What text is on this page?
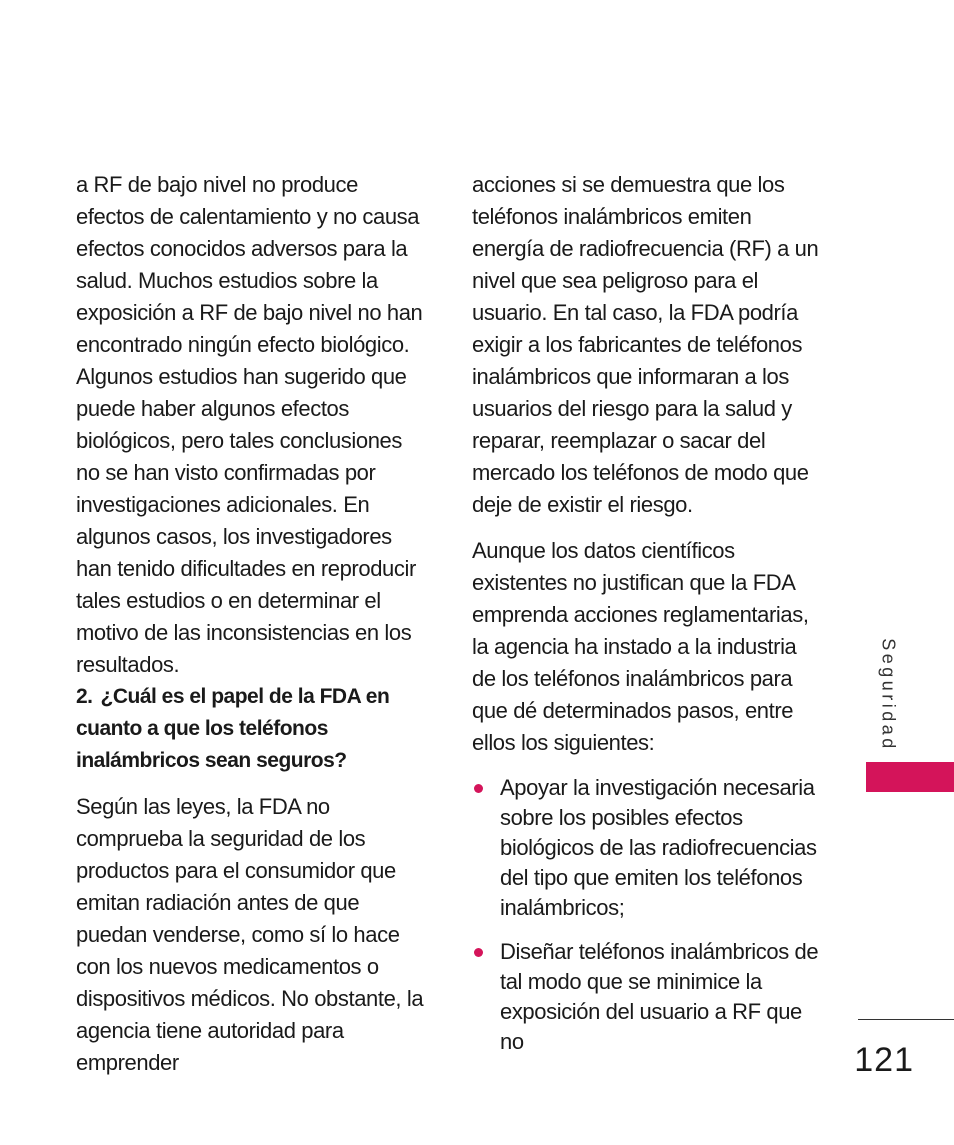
a RF de bajo nivel no produce efectos de calentamiento y no causa efectos conocidos adversos para la salud. Muchos estudios sobre la exposición a RF de bajo nivel no han encontrado ningún efecto biológico. Algunos estudios han sugerido que puede haber algunos efectos biológicos, pero tales conclusiones no se han visto confirmadas por investigaciones adicionales. En algunos casos, los investigadores han tenido dificultades en reproducir tales estudios o en determinar el motivo de las inconsistencias en los resultados.

2. ¿Cuál es el papel de la FDA en cuanto a que los teléfonos inalámbricos sean seguros?

Según las leyes, la FDA no comprueba la seguridad de los productos para el consumidor que emitan radiación antes de que puedan venderse, como sí lo hace con los nuevos medicamentos o dispositivos médicos. No obstante, la agencia tiene autoridad para emprender

acciones si se demuestra que los teléfonos inalámbricos emiten energía de radiofrecuencia (RF) a un nivel que sea peligroso para el usuario. En tal caso, la FDA podría exigir a los fabricantes de teléfonos inalámbricos que informaran a los usuarios del riesgo para la salud y reparar, reemplazar o sacar del mercado los teléfonos de modo que deje de existir el riesgo.

Aunque los datos científicos existentes no justifican que la FDA emprenda acciones reglamentarias, la agencia ha instado a la industria de los teléfonos inalámbricos para que dé determinados pasos, entre ellos los siguientes:

Apoyar la investigación necesaria sobre los posibles efectos biológicos de las radiofrecuencias del tipo que emiten los teléfonos inalámbricos;
Diseñar teléfonos inalámbricos de tal modo que se minimice la exposición del usuario a RF que no
Seguridad
121
